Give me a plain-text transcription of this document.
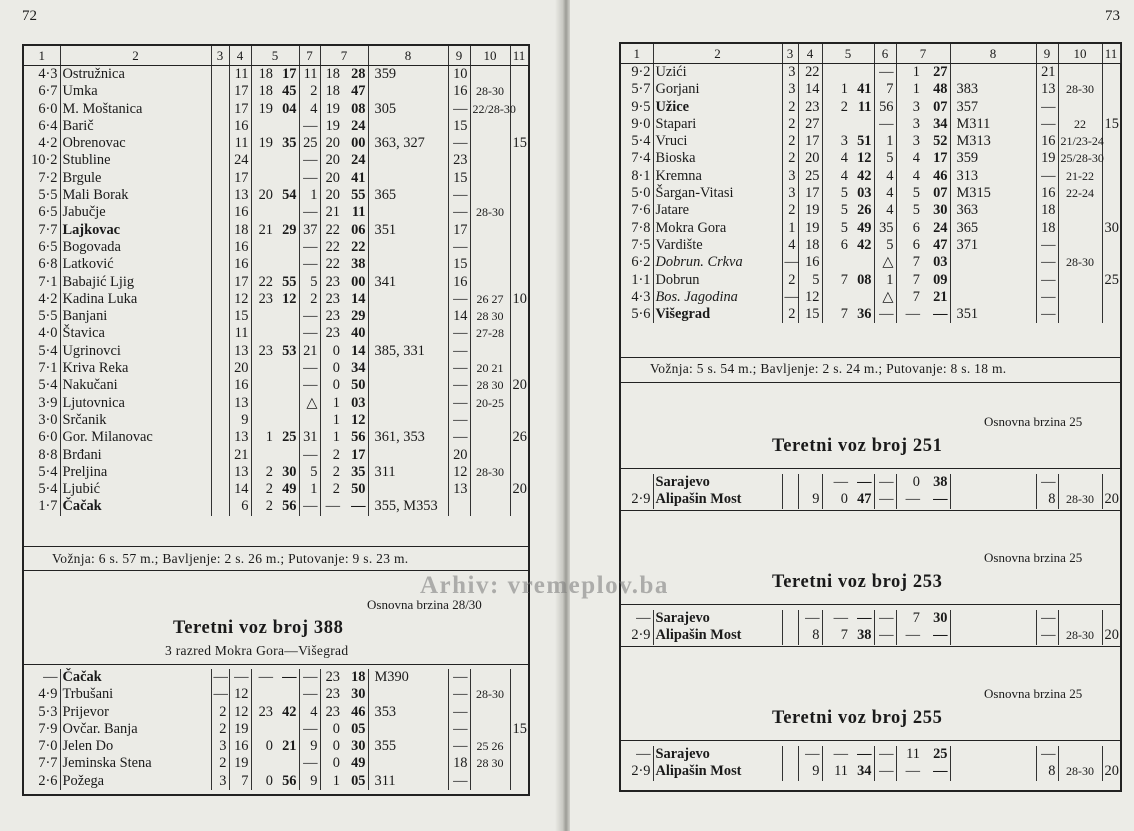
72
1	2	3	4	5		7	7		8	9	10	11
4·3	Ostružnica		11	18	17	11	18	28	359	10		
6·7	Umka		17	18	45	2	18	47		16	28-30	
6·0	M. Moštanica		17	19	04	4	19	08	305	—	22/28-30	
6·4	Barič		16			—	19	24		15		
4·2	Obrenovac		11	19	35	25	20	00	363, 327	—		15
10·2	Stubline		24			—	20	24		23		
7·2	Brgule		17			—	20	41		15		
5·5	Mali Borak		13	20	54	1	20	55	365	—		
6·5	Jabučje		16			—	21	11		—	28-30	
7·7	Lajkovac		18	21	29	37	22	06	351	17		
6·5	Bogovada		16			—	22	22		—		
6·8	Latković		16			—	22	38		15		
7·1	Babajić Ljig		17	22	55	5	23	00	341	16		
4·2	Kadina Luka		12	23	12	2	23	14		—	26 27	10
5·5	Banjani		15			—	23	29		14	28 30	
4·0	Štavica		11			—	23	40		—	27-28	
5·4	Ugrinovci		13	23	53	21	0	14	385, 331	—		
7·1	Kriva Reka		20			—	0	34		—	20 21	
5·4	Nakučani		16			—	0	50		—	28 30	20
3·9	Ljutovnica		13			△	1	03		—	20-25	
3·0	Srčanik		9				1	12		—		
6·0	Gor. Milanovac		13	1	25	31	1	56	361, 353	—		26
8·8	Brđani		21			—	2	17		20		
5·4	Preljina		13	2	30	5	2	35	311	12	28-30	
5·4	Ljubić		14	2	49	1	2	50		13		20
1·7	Čačak		6	2	56	—	—	—	355, M353			
Vožnja: 6 s. 57 m.; Bavljenje: 2 s. 26 m.; Putovanje: 9 s. 23 m.
Osnovna brzina 28/30
Teretni voz broj 388
3 razred Mokra Gora—Višegrad
—	Čačak	—	—	—	—	—	23	18	M390	—		
4·9	Trbušani	—	12			—	23	30		—	28-30	
5·3	Prijevor	2	12	23	42	4	23	46	353	—		
7·9	Ovčar. Banja	2	19			—	0	05		—		15
7·0	Jelen Do	3	16	0	21	9	0	30	355	—	25 26	
7·7	Jeminska Stena	2	19			—	0	49		18	28 30	
2·6	Požega	3	7	0	56	9	1	05	311	—		
73
1	2	3	4	5		6	7		8	9	10	11
9·2	Uzići	3	22			—	1	27		21		
5·7	Gorjani	3	14	1	41	7	1	48	383	13	28-30	
9·5	Užice	2	23	2	11	56	3	07	357	—		
9·0	Stapari	2	27			—	3	34	M311	—	22	15
5·4	Vruci	2	17	3	51	1	3	52	M313	16	21/23-24	
7·4	Bioska	2	20	4	12	5	4	17	359	19	25/28-30	
8·1	Kremna	3	25	4	42	4	4	46	313	—	21-22	
5·0	Šargan-Vitasi	3	17	5	03	4	5	07	M315	16	22-24	
7·6	Jatare	2	19	5	26	4	5	30	363	18		
7·8	Mokra Gora	1	19	5	49	35	6	24	365	18		30
7·5	Vardište	4	18	6	42	5	6	47	371	—		
6·2	Dobrun. Crkva	—	16			△	7	03		—	28-30	
1·1	Dobrun	2	5	7	08	1	7	09		—		25
4·3	Bos. Jagodina	—	12			△	7	21		—		
5·6	Višegrad	2	15	7	36	—	—	—	351	—		
Vožnja: 5 s. 54 m.; Bavljenje: 2 s. 24 m.; Putovanje: 8 s. 18 m.
Osnovna brzina 25
Teretni voz broj 251
	Sarajevo			—	—	—	0	38		—		
2·9	Alipašin Most		9	0	47	—	—	—		8	28-30	20
Osnovna brzina 25
Teretni voz broj 253
—	Sarajevo		—	—	—	—	7	30		—		
2·9	Alipašin Most		8	7	38	—	—	—		—	28-30	20
Osnovna brzina 25
Teretni voz broj 255
—	Sarajevo		—	—	—	—	11	25		—		
2·9	Alipašin Most		9	11	34	—	—	—		8	28-30	20
Arhiv: vremeplov.ba
